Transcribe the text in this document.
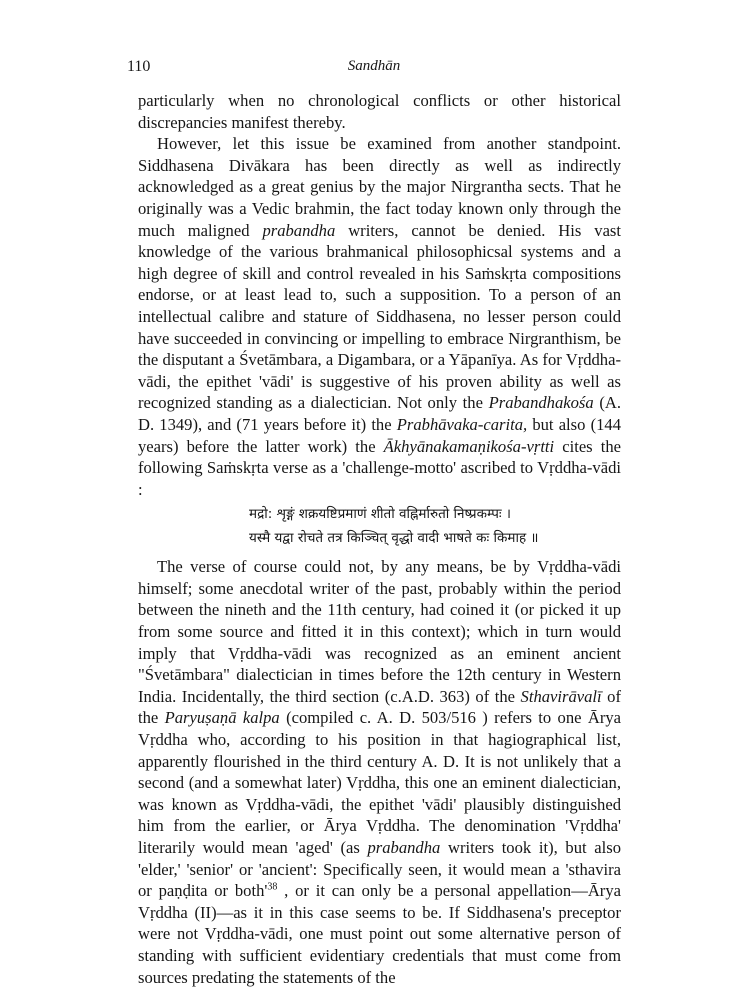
110	Sandhān

particularly when no chronological conflicts or other historical discrepancies manifest thereby.

However, let this issue be examined from another standpoint. Siddhasena Divākara has been directly as well as indirectly acknowledged as a great genius by the major Nirgrantha sects. That he originally was a Vedic brahmin, the fact today known only through the much maligned prabandha writers, cannot be denied. His vast knowledge of the various brahmanical philosophicsal systems and a high degree of skill and control revealed in his Saṁskṛta compositions endorse, or at least lead to, such a supposition. To a person of an intellectual calibre and stature of Siddhasena, no lesser person could have succeeded in convincing or impelling to embrace Nirgranthism, be the disputant a Śvetāmbara, a Digambara, or a Yāpanīya. As for Vṛddha-vādi, the epithet 'vādi' is suggestive of his proven ability as well as recognized standing as a dialectician. Not only the Prabandhakośa (A. D. 1349), and (71 years before it) the Prabhāvaka-carita, but also (144 years) before the latter work) the Ākhyānakamaṇikośa-vṛtti cites the following Saṁskṛta verse as a 'challenge-motto' ascribed to Vṛddha-vādi :

मद्रो: शृङ्गं शक्रयष्टिप्रमाणं शीतो वह्निर्मारुतो निष्प्रकम्पः ।
यस्मै यद्वा रोचते तत्र किञ्चित् वृद्धो वादी भाषते कः किमाह ॥

The verse of course could not, by any means, be by Vṛddha-vādi himself; some anecdotal writer of the past, probably within the period between the nineth and the 11th century, had coined it (or picked it up from some source and fitted it in this context); which in turn would imply that Vṛddha-vādi was recognized as an eminent ancient "Śvetāmbara" dialectician in times before the 12th century in Western India. Incidentally, the third section (c.A.D. 363) of the Sthavirāvalī of the Paryuṣaṇā kalpa (compiled c. A. D. 503/516 ) refers to one Ārya Vṛddha who, according to his position in that hagiographical list, apparently flourished in the third century A. D. It is not unlikely that a second (and a somewhat later) Vṛddha, this one an eminent dialectician, was known as Vṛddha-vādi, the epithet 'vādi' plausibly distinguished him from the earlier, or Ārya Vṛddha. The denomination 'Vṛddha' literarily would mean 'aged' (as prabandha writers took it), but also 'elder,' 'senior' or 'ancient': Specifically seen, it would mean a 'sthavira or paṇḍita or $both'^{38}$ , or it can only be a personal appellation—Ārya Vṛddha (II)—as it in this case seems to be. If Siddhasena's preceptor were not Vṛddha-vādi, one must point out some alternative person of standing with sufficient evidentiary credentials that must come from sources predating the statements of the
